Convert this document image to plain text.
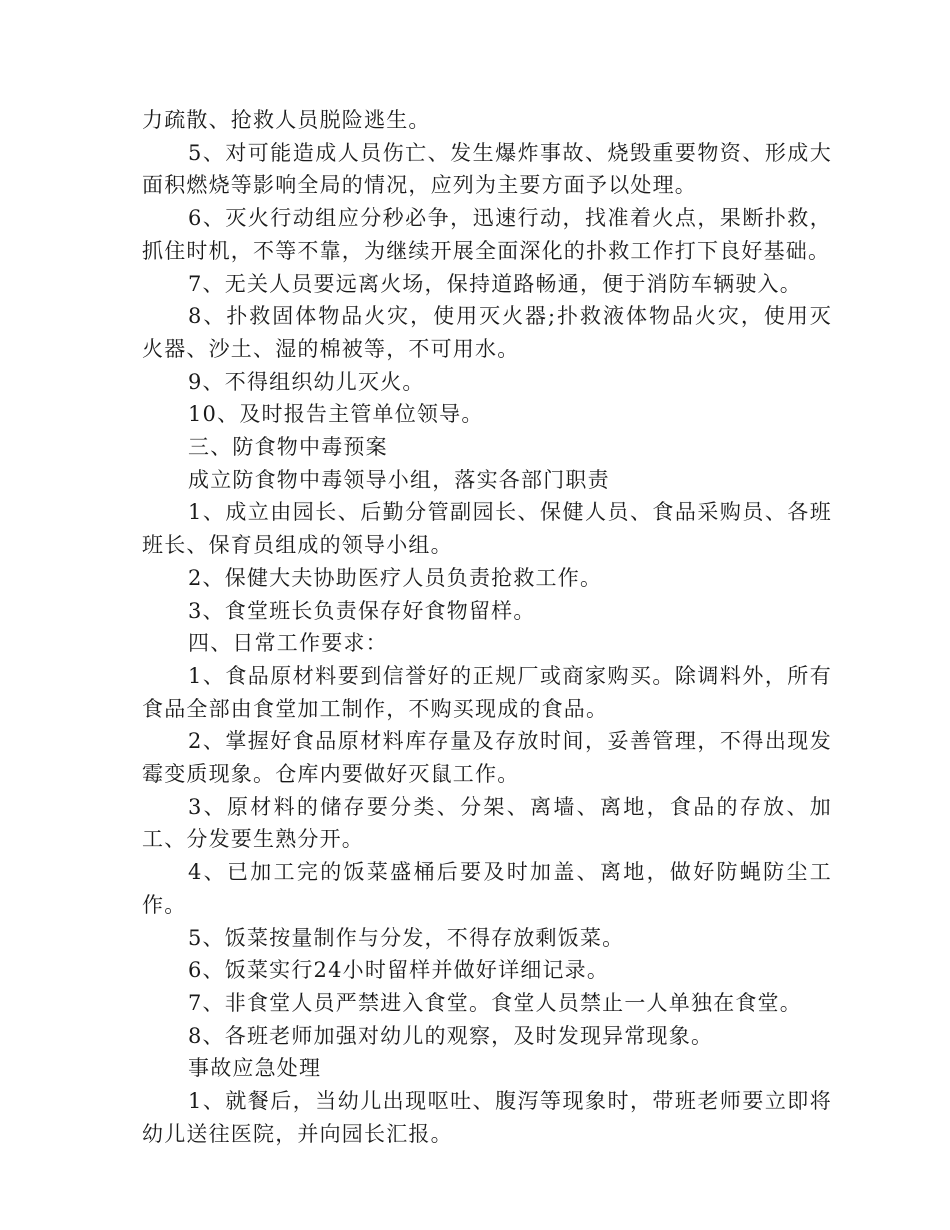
力疏散、抢救人员脱险逃生。

5、对可能造成人员伤亡、发生爆炸事故、烧毁重要物资、形成大面积燃烧等影响全局的情况，应列为主要方面予以处理。

6、灭火行动组应分秒必争，迅速行动，找准着火点，果断扑救，抓住时机，不等不靠，为继续开展全面深化的扑救工作打下良好基础。

7、无关人员要远离火场，保持道路畅通，便于消防车辆驶入。

8、扑救固体物品火灾，使用灭火器;扑救液体物品火灾，使用灭火器、沙土、湿的棉被等，不可用水。

9、不得组织幼儿灭火。

10、及时报告主管单位领导。

三、防食物中毒预案

成立防食物中毒领导小组，落实各部门职责

1、成立由园长、后勤分管副园长、保健人员、食品采购员、各班班长、保育员组成的领导小组。

2、保健大夫协助医疗人员负责抢救工作。

3、食堂班长负责保存好食物留样。

四、日常工作要求：

1、食品原材料要到信誉好的正规厂或商家购买。除调料外，所有食品全部由食堂加工制作，不购买现成的食品。

2、掌握好食品原材料库存量及存放时间，妥善管理，不得出现发霉变质现象。仓库内要做好灭鼠工作。

3、原材料的储存要分类、分架、离墙、离地，食品的存放、加工、分发要生熟分开。

4、已加工完的饭菜盛桶后要及时加盖、离地，做好防蝇防尘工作。

5、饭菜按量制作与分发，不得存放剩饭菜。

6、饭菜实行24小时留样并做好详细记录。

7、非食堂人员严禁进入食堂。食堂人员禁止一人单独在食堂。

8、各班老师加强对幼儿的观察，及时发现异常现象。

事故应急处理

1、就餐后，当幼儿出现呕吐、腹泻等现象时，带班老师要立即将幼儿送往医院，并向园长汇报。
